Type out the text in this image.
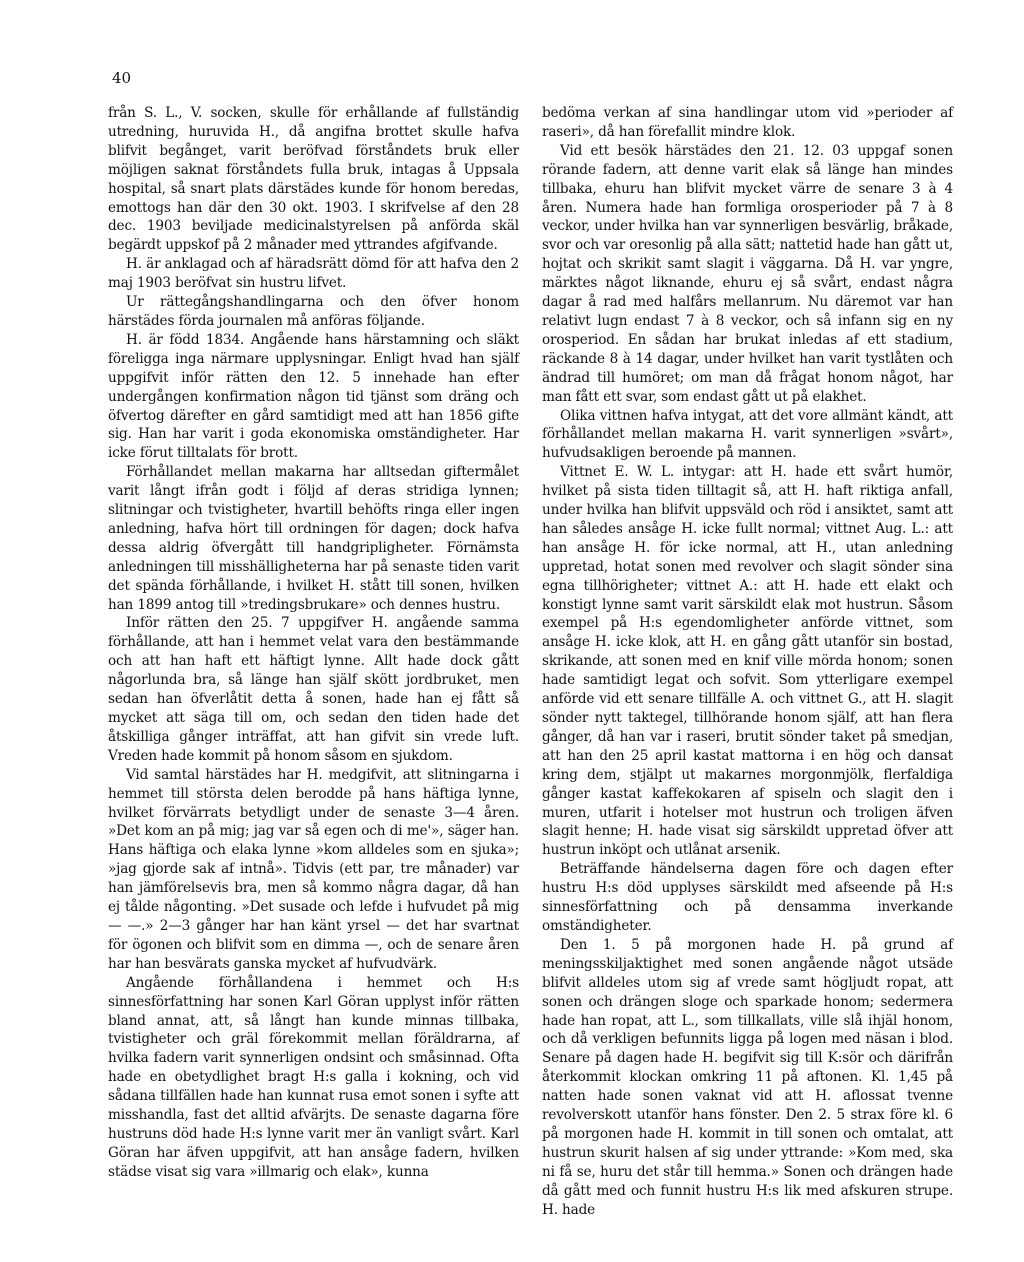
40

från S. L., V. socken, skulle för erhållande af fullständig utredning, huruvida H., då angifna brottet skulle hafva blifvit begånget, varit beröfvad förståndets bruk eller möjligen saknat förståndets fulla bruk, intagas å Uppsala hospital, så snart plats därstädes kunde för honom beredas, emottogs han där den 30 okt. 1903. I skrifvelse af den 28 dec. 1903 beviljade medicinalstyrelsen på anförda skäl begärdt uppskof på 2 månader med yttrandes afgifvande.

H. är anklagad och af häradsrätt dömd för att hafva den 2 maj 1903 beröfvat sin hustru lifvet.

Ur rättegångshandlingarna och den öfver honom härstädes förda journalen må anföras följande.

H. är född 1834. Angående hans härstamning och släkt föreligga inga närmare upplysningar. Enligt hvad han själf uppgifvit inför rätten den 12. 5 innehade han efter undergången konfirmation någon tid tjänst som dräng och öfvertog därefter en gård samtidigt med att han 1856 gifte sig. Han har varit i goda ekonomiska omständigheter. Har icke förut tilltalats för brott.

Förhållandet mellan makarna har alltsedan giftermålet varit långt ifrån godt i följd af deras stridiga lynnen; slitningar och tvistigheter, hvartill behöfts ringa eller ingen anledning, hafva hört till ordningen för dagen; dock hafva dessa aldrig öfvergått till handgripligheter. Förnämsta anledningen till misshälligheterna har på senaste tiden varit det spända förhållande, i hvilket H. stått till sonen, hvilken han 1899 antog till »tredingsbrukare» och dennes hustru.

Inför rätten den 25. 7 uppgifver H. angående samma förhållande, att han i hemmet velat vara den bestämmande och att han haft ett häftigt lynne. Allt hade dock gått någorlunda bra, så länge han själf skött jordbruket, men sedan han öfverlåtit detta å sonen, hade han ej fått så mycket att säga till om, och sedan den tiden hade det åtskilliga gånger inträffat, att han gifvit sin vrede luft. Vreden hade kommit på honom såsom en sjukdom.

Vid samtal härstädes har H. medgifvit, att slitningarna i hemmet till största delen berodde på hans häftiga lynne, hvilket förvärrats betydligt under de senaste 3—4 åren. »Det kom an på mig; jag var så egen och di me'», säger han. Hans häftiga och elaka lynne »kom alldeles som en sjuka»; »jag gjorde sak af intnå». Tidvis (ett par, tre månader) var han jämförelsevis bra, men så kommo några dagar, då han ej tålde någonting. »Det susade och lefde i hufvudet på mig — —.» 2—3 gånger har han känt yrsel — det har svartnat för ögonen och blifvit som en dimma —, och de senare åren har han besvärats ganska mycket af hufvudvärk.

Angående förhållandena i hemmet och H:s sinnesförfattning har sonen Karl Göran upplyst inför rätten bland annat, att, så långt han kunde minnas tillbaka, tvistigheter och gräl förekommit mellan föräldrarna, af hvilka fadern varit synnerligen ondsint och småsinnad. Ofta hade en obetydlighet bragt H:s galla i kokning, och vid sådana tillfällen hade han kunnat rusa emot sonen i syfte att misshandla, fast det alltid afvärjts. De senaste dagarna före hustruns död hade H:s lynne varit mer än vanligt svårt. Karl Göran har äfven uppgifvit, att han ansåge fadern, hvilken städse visat sig vara »illmarig och elak», kunna

bedöma verkan af sina handlingar utom vid »perioder af raseri», då han förefallit mindre klok.

Vid ett besök härstädes den 21. 12. 03 uppgaf sonen rörande fadern, att denne varit elak så länge han mindes tillbaka, ehuru han blifvit mycket värre de senare 3 à 4 åren. Numera hade han formliga orosperioder på 7 à 8 veckor, under hvilka han var synnerligen besvärlig, bråkade, svor och var oresonlig på alla sätt; nattetid hade han gått ut, hojtat och skrikit samt slagit i väggarna. Då H. var yngre, märktes något liknande, ehuru ej så svårt, endast några dagar å rad med halfårs mellanrum. Nu däremot var han relativt lugn endast 7 à 8 veckor, och så infann sig en ny orosperiod. En sådan har brukat inledas af ett stadium, räckande 8 à 14 dagar, under hvilket han varit tystlåten och ändrad till humöret; om man då frågat honom något, har man fått ett svar, som endast gått ut på elakhet.

Olika vittnen hafva intygat, att det vore allmänt kändt, att förhållandet mellan makarna H. varit synnerligen »svårt», hufvudsakligen beroende på mannen.

Vittnet E. W. L. intygar: att H. hade ett svårt humör, hvilket på sista tiden tilltagit så, att H. haft riktiga anfall, under hvilka han blifvit uppsväld och röd i ansiktet, samt att han således ansåge H. icke fullt normal; vittnet Aug. L.: att han ansåge H. för icke normal, att H., utan anledning uppretad, hotat sonen med revolver och slagit sönder sina egna tillhörigheter; vittnet A.: att H. hade ett elakt och konstigt lynne samt varit särskildt elak mot hustrun. Såsom exempel på H:s egendomligheter anförde vittnet, som ansåge H. icke klok, att H. en gång gått utanför sin bostad, skrikande, att sonen med en knif ville mörda honom; sonen hade samtidigt legat och sofvit. Som ytterligare exempel anförde vid ett senare tillfälle A. och vittnet G., att H. slagit sönder nytt taktegel, tillhörande honom själf, att han flera gånger, då han var i raseri, brutit sönder taket på smedjan, att han den 25 april kastat mattorna i en hög och dansat kring dem, stjälpt ut makarnes morgonmjölk, flerfaldiga gånger kastat kaffekokaren af spiseln och slagit den i muren, utfarit i hotelser mot hustrun och troligen äfven slagit henne; H. hade visat sig särskildt uppretad öfver att hustrun inköpt och utlånat arsenik.

Beträffande händelserna dagen före och dagen efter hustru H:s död upplyses särskildt med afseende på H:s sinnesförfattning och på densamma inverkande omständigheter.

Den 1. 5 på morgonen hade H. på grund af meningsskiljaktighet med sonen angående något utsäde blifvit alldeles utom sig af vrede samt högljudt ropat, att sonen och drängen sloge och sparkade honom; sedermera hade han ropat, att L., som tillkallats, ville slå ihjäl honom, och då verkligen befunnits ligga på logen med näsan i blod. Senare på dagen hade H. begifvit sig till K:sör och därifrån återkommit klockan omkring 11 på aftonen. Kl. 1,45 på natten hade sonen vaknat vid att H. aflossat tvenne revolverskott utanför hans fönster. Den 2. 5 strax före kl. 6 på morgonen hade H. kommit in till sonen och omtalat, att hustrun skurit halsen af sig under yttrande: »Kom med, ska ni få se, huru det står till hemma.» Sonen och drängen hade då gått med och funnit hustru H:s lik med afskuren strupe. H. hade
